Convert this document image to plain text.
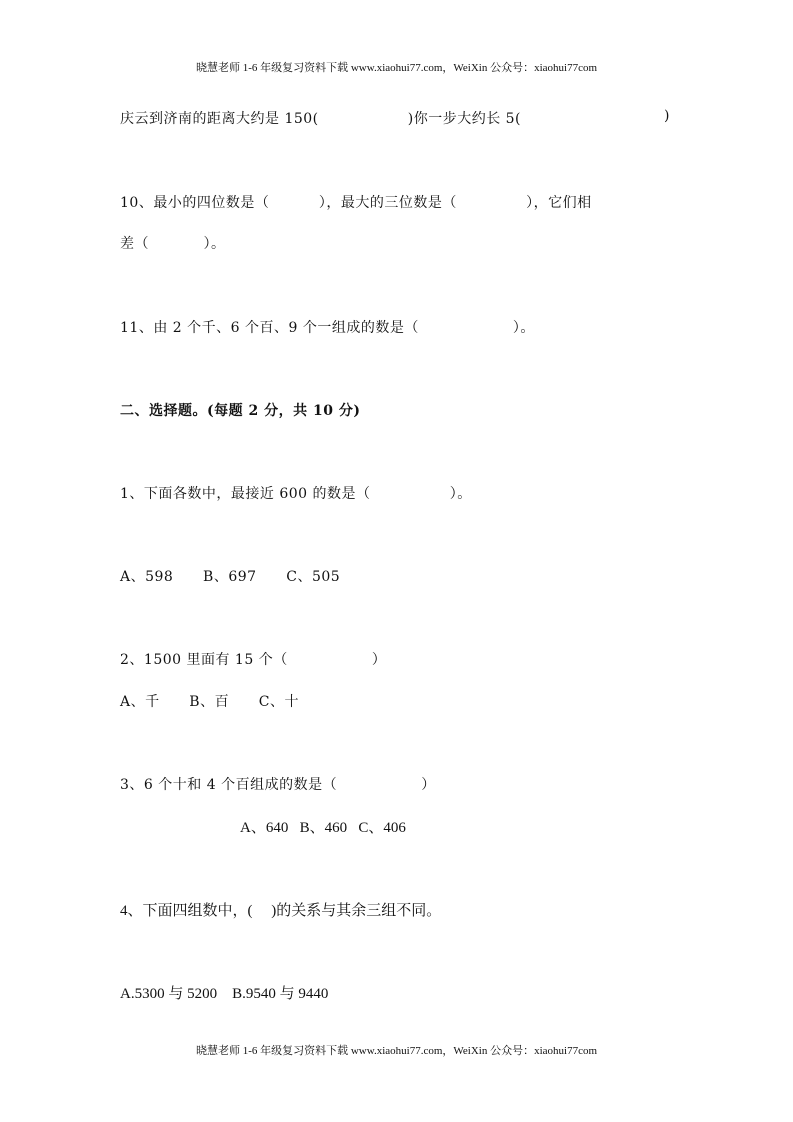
晓慧老师 1-6 年级复习资料下载 www.xiaohui77.com，WeiXin 公众号：xiaohui77com
庆云到济南的距离大约是 150(                  )你一步大约长 5(	)
10、最小的四位数是（          ），最大的三位数是（              ），它们相
差（           ）。
11、由 2 个千、6 个百、9 个一组成的数是（                   ）。
二、选择题。(每题 2 分，共 10 分)
1、下面各数中，最接近 600 的数是（                ）。
A、598      B、697      C、505
2、1500 里面有 15 个（                 ）
A、千      B、百      C、十
3、6 个十和 4 个百组成的数是（                 ）
A、640   B、460   C、406
4、下面四组数中，(     )的关系与其余三组不同。
A.5300 与 5200    B.9540 与 9440
晓慧老师 1-6 年级复习资料下载 www.xiaohui77.com，WeiXin 公众号：xiaohui77com
